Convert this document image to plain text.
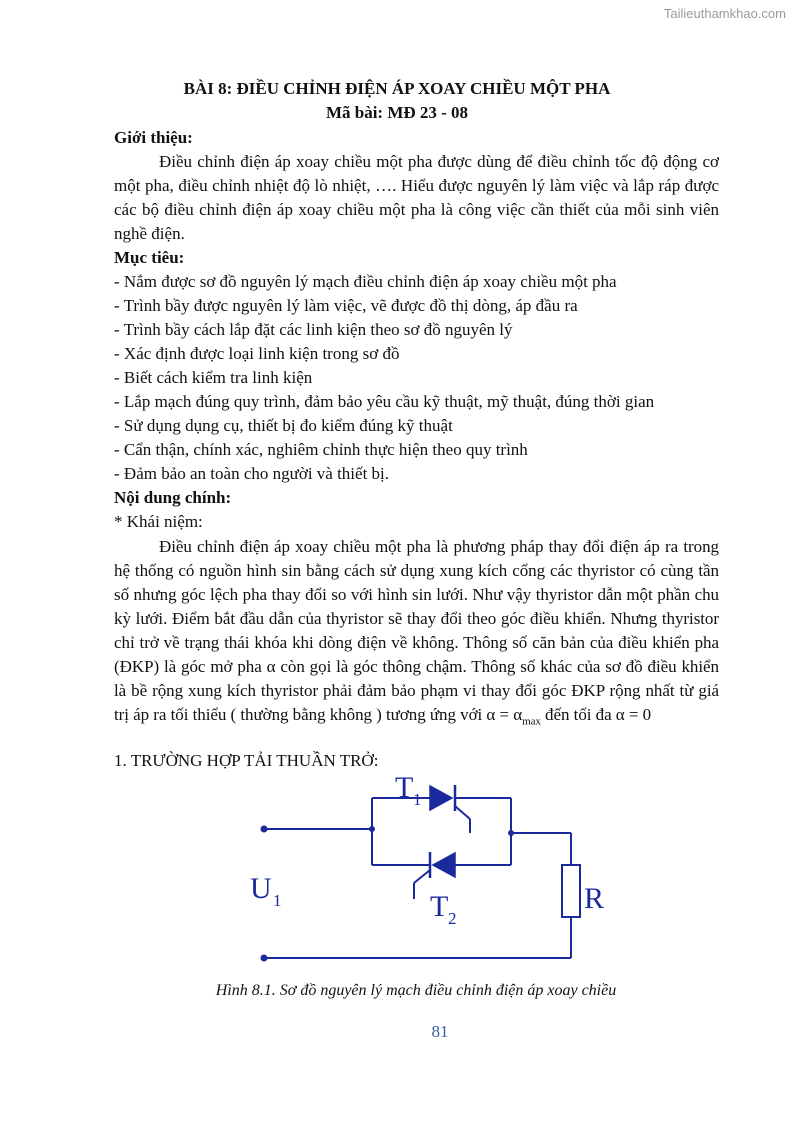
Tailieuthamkhao.com
BÀI 8: ĐIỀU CHỈNH ĐIỆN ÁP XOAY CHIỀU MỘT PHA
Mã bài: MĐ 23 - 08
Giới thiệu:
Điều chỉnh điện áp xoay chiều một pha được dùng để điều chỉnh tốc độ động cơ một pha, điều chỉnh nhiệt độ lò nhiệt, …. Hiểu được nguyên lý làm việc và lắp ráp được các bộ điều chỉnh điện áp xoay chiều một pha là công việc cần thiết của mỗi sinh viên nghề điện.
Mục tiêu:
- Nắm được sơ đồ nguyên lý mạch điều chỉnh điện áp xoay chiều một pha
- Trình bầy được nguyên lý làm việc, vẽ được đồ thị dòng, áp đầu ra
- Trình bầy cách lắp đặt các linh kiện theo sơ đồ nguyên lý
- Xác định được loại linh kiện trong sơ đồ
- Biết cách kiểm tra linh kiện
- Lắp mạch đúng quy trình, đảm bảo yêu cầu kỹ thuật, mỹ thuật, đúng thời gian
- Sử dụng dụng cụ, thiết bị đo kiểm đúng kỹ thuật
- Cẩn thận, chính xác, nghiêm chỉnh thực hiện theo quy trình
- Đảm bảo an toàn cho người và thiết bị.
Nội dung chính:
* Khái niệm:
Điều chỉnh điện áp xoay chiều một pha là phương pháp thay đổi điện áp ra trong hệ thống có nguồn hình sin bằng cách sử dụng xung kích cổng các thyristor có cùng tần số nhưng góc lệch pha thay đổi so với hình sin lưới. Như vậy thyristor dẫn một phần chu kỳ lưới. Điểm bắt đầu dẫn của thyristor sẽ thay đổi theo góc điều khiển. Nhưng thyristor chỉ trở về trạng thái khóa khi dòng điện về không. Thông số căn bản của điều khiển pha (ĐKP) là góc mở pha α còn gọi là góc thông chậm. Thông số khác của sơ đồ điều khiển là bề rộng xung kích thyristor phải đảm bảo phạm vi thay đổi góc ĐKP rộng nhất từ giá trị áp ra tối thiểu ( thường bằng không ) tương ứng với $\alpha = \alpha_{max}$ đến tối đa α = 0
1. TRƯỜNG HỢP TẢI THUẦN TRỞ:
T 1
T 2
U 1	R
Hình 8.1. Sơ đồ nguyên lý mạch điều chỉnh điện áp xoay chiều
81
